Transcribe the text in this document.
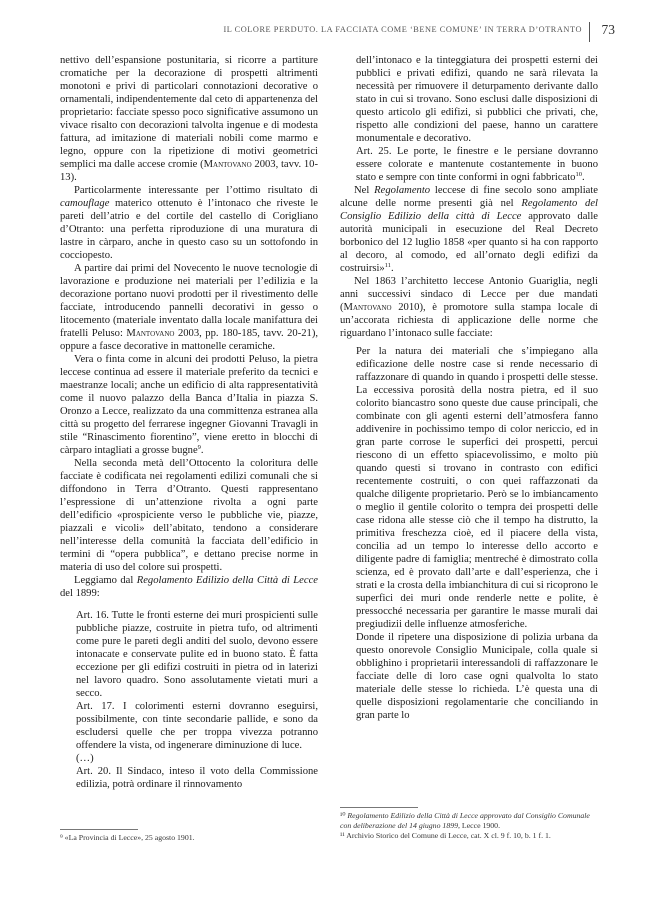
IL COLORE PERDUTO. LA FACCIATA COME ‘BENE COMUNE’ IN TERRA D’OTRANTO 73

nettivo dell’espansione postunitaria, si ricorre a partiture cromatiche per la decorazione di prospetti altrimenti monotoni e privi di particolari connotazioni decorative o ornamentali, indipendentemente dal ceto di appartenenza del proprietario: facciate spesso poco significative assumono un vivace risalto con decorazioni talvolta ingenue e di modesta fattura, ad imitazione di materiali nobili come marmo e legno, oppure con la ripetizione di motivi geometrici semplici ma dalle accese cromie (Mantovano 2003, tavv. 10-13).

Particolarmente interessante per l’ottimo risultato di camouflage materico ottenuto è l’intonaco che riveste le pareti dell’atrio e del cortile del castello di Corigliano d’Otranto: una perfetta riproduzione di una muratura di lastre in càrparo, anche in questo caso su un sottofondo in cocciopesto.

A partire dai primi del Novecento le nuove tecnologie di lavorazione e produzione nei materiali per l’edilizia e la decorazione portano nuovi prodotti per il rivestimento delle facciate, introducendo pannelli decorativi in gesso o litocemento (materiale inventato dalla locale manifattura dei fratelli Peluso: Mantovano 2003, pp. 180-185, tavv. 20-21), oppure a fasce decorative in mattonelle ceramiche.

Vera o finta come in alcuni dei prodotti Peluso, la pietra leccese continua ad essere il materiale preferito da tecnici e maestranze locali; anche un edificio di alta rappresentatività come il nuovo palazzo della Banca d’Italia in piazza S. Oronzo a Lecce, realizzato da una committenza estranea alla città su progetto del ferrarese ingegner Giovanni Travagli in stile “Rinascimento fiorentino”, viene eretto in blocchi di càrparo intagliati a grosse bugne$^9$.

Nella seconda metà dell’Ottocento la coloritura delle facciate è codificata nei regolamenti edilizi comunali che si diffondono in Terra d’Otranto. Questi rappresentano l’espressione di un’attenzione rivolta a ogni parte dell’edificio «prospiciente verso le pubbliche vie, piazze, piazzali e vicoli» dell’abitato, tendono a considerare nell’interesse della comunità la facciata dell’edificio in termini di “opera pubblica”, e dettano precise norme in materia di uso del colore sui prospetti.

Leggiamo dal Regolamento Edilizio della Città di Lecce del 1899:

Art. 16. Tutte le fronti esterne dei muri prospicienti sulle pubbliche piazze, costruite in pietra tufo, od altrimenti come pure le pareti degli anditi del suolo, devono essere intonacate e conservate pulite ed in buono stato. È fatta eccezione per gli edifizi costruiti in pietra od in laterizi nel lavoro quadro. Sono assolutamente vietati muri a secco.

Art. 17. I colorimenti esterni dovranno eseguirsi, possibilmente, con tinte secondarie pallide, e sono da escludersi quelle che per troppa vivezza potranno offendere la vista, od ingenerare diminuzione di luce.

(…)

Art. 20. Il Sindaco, inteso il voto della Commissione edilizia, potrà ordinare il rinnovamento

dell’intonaco e la tinteggiatura dei prospetti esterni dei pubblici e privati edifizi, quando ne sarà rilevata la necessità per rimuovere il deturpamento derivante dallo stato in cui si trovano. Sono esclusi dalle disposizioni di questo articolo gli edifizi, sì pubblici che privati, che, rispetto alle condizioni del paese, hanno un carattere monumentale e decorativo.

Art. 25. Le porte, le finestre e le persiane dovranno essere colorate e mantenute costantemente in buono stato e sempre con tinte conformi in ogni fabbricato$^{10}$.

Nel Regolamento leccese di fine secolo sono ampliate alcune delle norme presenti già nel Regolamento del Consiglio Edilizio della città di Lecce approvato dalle autorità municipali in esecuzione del Real Decreto borbonico del 12 luglio 1858 «per quanto si ha con rapporto al decoro, al comodo, ed all’ornato degli edifizi da costruirsi»$^{11}$.

Nel 1863 l’architetto leccese Antonio Guariglia, negli anni successivi sindaco di Lecce per due mandati (Mantovano 2010), è promotore sulla stampa locale di un’accorata richiesta di applicazione delle norme che riguardano l’intonaco sulle facciate:

Per la natura dei materiali che s’impiegano alla edificazione delle nostre case si rende necessario di raffazzonare di quando in quando i prospetti delle stesse. La eccessiva porosità della nostra pietra, ed il suo colorito biancastro sono queste due cause principali, che combinate con gli agenti esterni dell’atmosfera fanno addivenire in pochissimo tempo di color nericcio, ed in gran parte corrose le superfici dei prospetti, percui riescono di un effetto spiacevolissimo, e molto più quando questi si trovano in contrasto con edifici recentemente costruiti, o con quei raffazzonati da qualche diligente proprietario. Però se lo imbiancamento o meglio il gentile colorito o tempra dei prospetti delle case ridona alle stesse ciò che il tempo ha distrutto, la primitiva freschezza cioè, ed il piacere della vista, concilia ad un tempo lo interesse dello accorto e diligente padre di famiglia; mentreché è dimostrato colla scienza, ed è provato dall’arte e dall’esperienza, che i strati e la crosta della imbianchitura di cui si ricoprono le superfici dei muri onde renderle nette e polite, è pressocché necessaria per garantire le masse murali dai pregiudizii delle influenze atmosferiche.

Donde il ripetere una disposizione di polizia urbana da questo onorevole Consiglio Municipale, colla quale si obblighino i proprietarii interessandoli di raffazzonare le facciate delle di loro case ogni qualvolta lo stato materiale delle stesse lo richieda. L’è questa una di quelle disposizioni regolamentarie che conciliando in gran parte lo

⁹ «La Provincia di Lecce», 25 agosto 1901.

¹⁰ Regolamento Edilizio della Città di Lecce approvato dal Consiglio Comunale con deliberazione del 14 giugno 1899, Lecce 1900.

¹¹ Archivio Storico del Comune di Lecce, cat. X cl. 9 f. 10, b. 1 f. 1.
